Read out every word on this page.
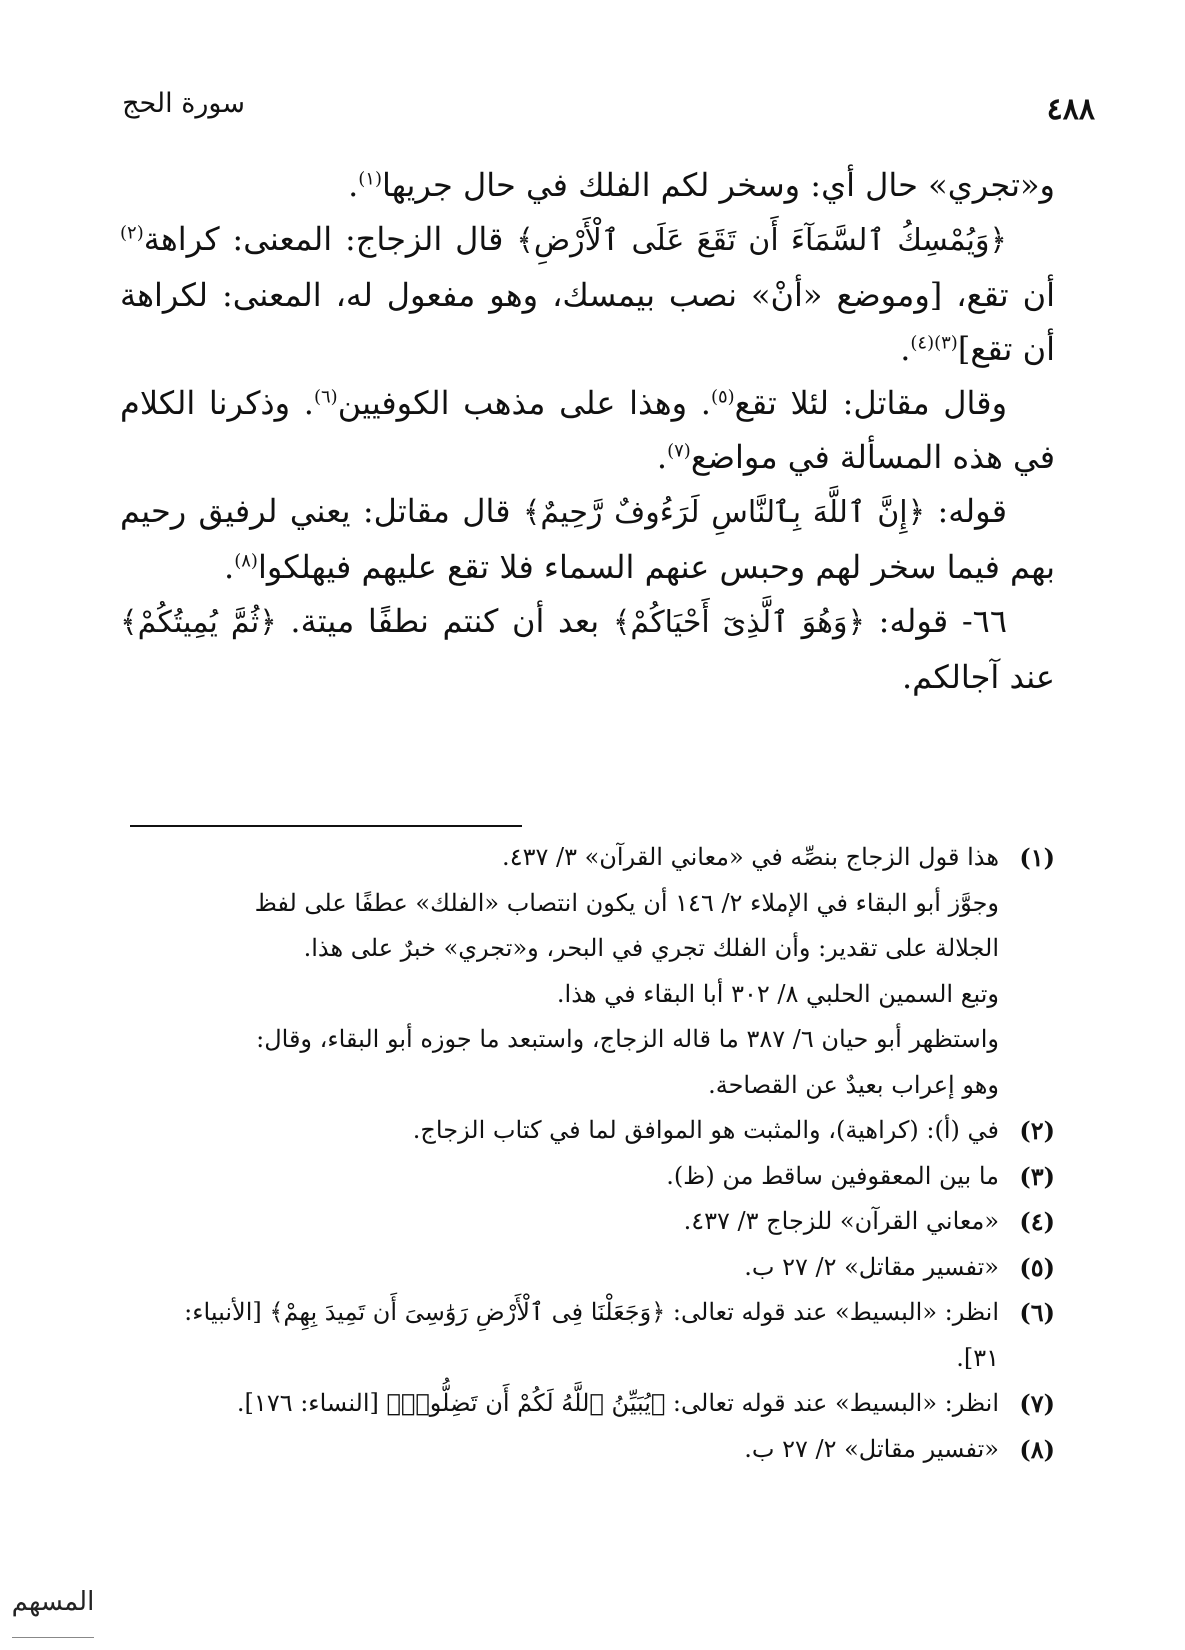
سورة الحج	٤٨٨

و«تجري» حال أي: وسخر لكم الفلك في حال جريها$^{(١)}$.

﴿وَيُمْسِكُ ٱلسَّمَآءَ أَن تَقَعَ عَلَى ٱلْأَرْضِ﴾ قال الزجاج: المعنى: كراهة$^{(٢)}$ أن تقع، [وموضع «أنْ» نصب بيمسك، وهو مفعول له، المعنى: لكراهة أن تقع]$^{(٣)(٤)}$.

وقال مقاتل: لئلا تقع$^{(٥)}$. وهذا على مذهب الكوفيين$^{(٦)}$. وذكرنا الكلام في هذه المسألة في مواضع$^{(٧)}$.

قوله: ﴿إِنَّ ٱللَّهَ بِٱلنَّاسِ لَرَءُوفٌ رَّحِيمٌ﴾ قال مقاتل: يعني لرفيق رحيم بهم فيما سخر لهم وحبس عنهم السماء فلا تقع عليهم فيهلكوا$^{(٨)}$.

٦٦- قوله: ﴿وَهُوَ ٱلَّذِىٓ أَحْيَاكُمْ﴾ بعد أن كنتم نطفًا ميتة. ﴿ثُمَّ يُمِيتُكُمْ﴾ عند آجالكم.

(١)
هذا قول الزجاج بنصِّه في «معاني القرآن» ٣/ ٤٣٧.
وجوَّز أبو البقاء في الإملاء ٢/ ١٤٦ أن يكون انتصاب «الفلك» عطفًا على لفظ
الجلالة على تقدير: وأن الفلك تجري في البحر، و«تجري» خبرٌ على هذا.
وتبع السمين الحلبي ٨/ ٣٠٢ أبا البقاء في هذا.
واستظهر أبو حيان ٦/ ٣٨٧ ما قاله الزجاج، واستبعد ما جوزه أبو البقاء، وقال:
وهو إعراب بعيدٌ عن القصاحة.
(٢)
في (أ): (كراهية)، والمثبت هو الموافق لما في كتاب الزجاج.
(٣)
ما بين المعقوفين ساقط من (ظ).
(٤)
«معاني القرآن» للزجاج ٣/ ٤٣٧.
(٥)
«تفسير مقاتل» ٢/ ٢٧ ب.
(٦)
انظر: «البسيط» عند قوله تعالى: ﴿وَجَعَلْنَا فِى ٱلْأَرْضِ رَوَٰسِىَ أَن تَمِيدَ بِهِمْ﴾ [الأنبياء:
٣١].
(٧)
انظر: «البسيط» عند قوله تعالى: ﴿يُبَيِّنُ ٱللَّهُ لَكُمْ أَن تَضِلُّوا۟﴾ [النساء: ١٧٦].
(٨)
«تفسير مقاتل» ٢/ ٢٧ ب.
المسهم
